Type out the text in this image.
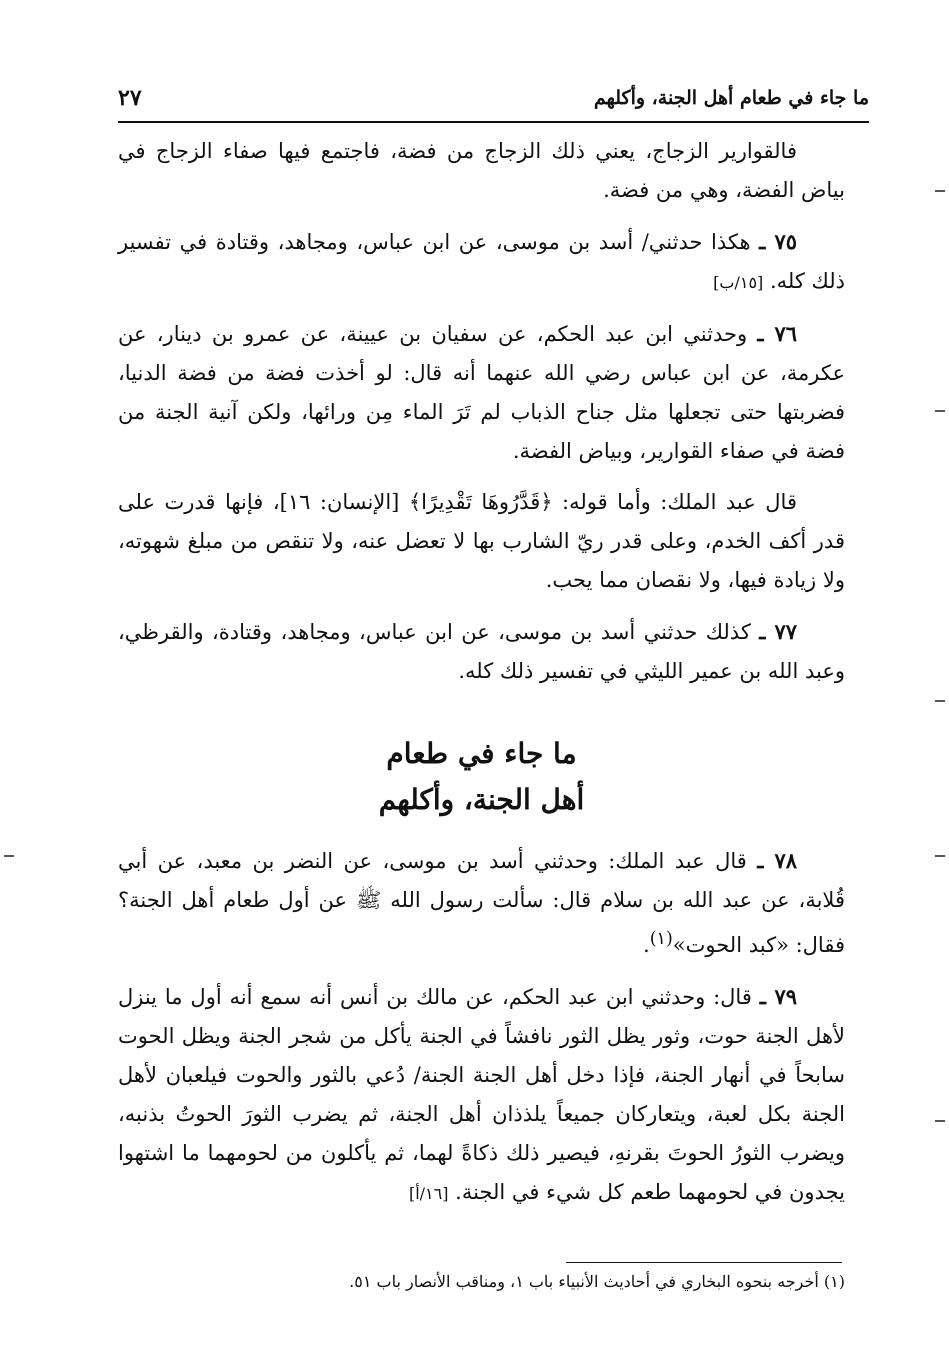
ما جاء في طعام أهل الجنة، وأكلهم
٢٧

فالقوارير الزجاج، يعني ذلك الزجاج من فضة، فاجتمع فيها صفاء الزجاج في بياض الفضة، وهي من فضة.

٧٥ ـ هكذا حدثني/ أسد بن موسى، عن ابن عباس، ومجاهد، وقتادة في تفسير ذلك كله. [١٥/ب]

٧٦ ـ وحدثني ابن عبد الحكم، عن سفيان بن عيينة، عن عمرو بن دينار، عن عكرمة، عن ابن عباس رضي الله عنهما أنه قال: لو أخذت فضة من فضة الدنيا، فضربتها حتى تجعلها مثل جناح الذباب لم تَرَ الماء مِن ورائها، ولكن آنية الجنة من فضة في صفاء القوارير، وبياض الفضة.

قال عبد الملك: وأما قوله: ﴿قَدَّرُوهَا تَقْدِيرًا﴾ [الإنسان: ١٦]، فإنها قدرت على قدر أكف الخدم، وعلى قدر ريّ الشارب بها لا تعضل عنه، ولا تنقص من مبلغ شهوته، ولا زيادة فيها، ولا نقصان مما يحب.

٧٧ ـ كذلك حدثني أسد بن موسى، عن ابن عباس، ومجاهد، وقتادة، والقرظي، وعبد الله بن عمير الليثي في تفسير ذلك كله.

ما جاء في طعام
أهل الجنة، وأكلهم

٧٨ ـ قال عبد الملك: وحدثني أسد بن موسى، عن النضر بن معبد، عن أبي قُلابة، عن عبد الله بن سلام قال: سألت رسول الله ﷺ عن أول طعام أهل الجنة؟ فقال: «كبد الحوت»$^{(١)}$.

٧٩ ـ قال: وحدثني ابن عبد الحكم، عن مالك بن أنس أنه سمع أنه أول ما ينزل لأهل الجنة حوت، وثور يظل الثور نافشاً في الجنة يأكل من شجر الجنة ويظل الحوت سابحاً في أنهار الجنة، فإذا دخل أهل الجنة الجنة/ دُعي بالثور والحوت فيلعبان لأهل الجنة بكل لعبة، ويتعاركان جميعاً يلذذان أهل الجنة، ثم يضرب الثورَ الحوتُ بذنبه، ويضرب الثورُ الحوتَ بقرنهِ، فيصير ذلك ذكاةً لهما، ثم يأكلون من لحومهما ما اشتهوا يجدون في لحومهما طعم كل شيء في الجنة. [١٦/أ]

(١) أخرجه بنحوه البخاري في أحاديث الأنبياء باب ١، ومناقب الأنصار باب ٥١.
